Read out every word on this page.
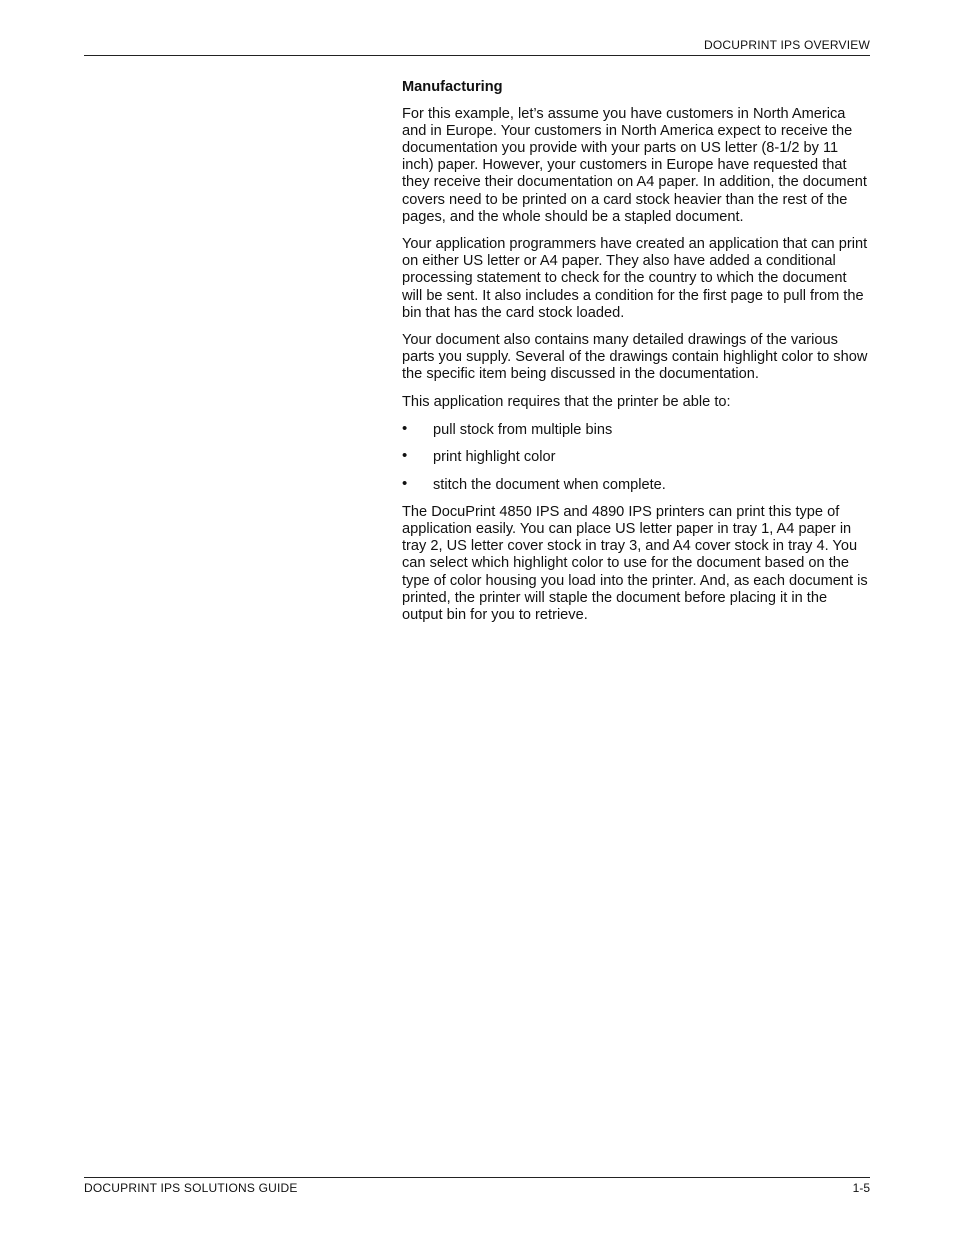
DOCUPRINT IPS OVERVIEW
Manufacturing

For this example, let’s assume you have customers in North America and in Europe. Your customers in North America expect to receive the documentation you provide with your parts on US letter (8-1/2 by 11 inch) paper. However, your customers in Europe have requested that they receive their documentation on A4 paper. In addition, the document covers need to be printed on a card stock heavier than the rest of the pages, and the whole should be a stapled document.

Your application programmers have created an application that can print on either US letter or A4 paper. They also have added a conditional processing statement to check for the country to which the document will be sent. It also includes a condition for the first page to pull from the bin that has the card stock loaded.

Your document also contains many detailed drawings of the various parts you supply. Several of the drawings contain highlight color to show the specific item being discussed in the documentation.

This application requires that the printer be able to:

• pull stock from multiple bins
• print highlight color
• stitch the document when complete.

The DocuPrint 4850 IPS and 4890 IPS printers can print this type of application easily. You can place US letter paper in tray 1, A4 paper in tray 2, US letter cover stock in tray 3, and A4 cover stock in tray 4. You can select which highlight color to use for the document based on the type of color housing you load into the printer. And, as each document is printed, the printer will staple the document before placing it in the output bin for you to retrieve.

DOCUPRINT IPS SOLUTIONS GUIDE	1-5
